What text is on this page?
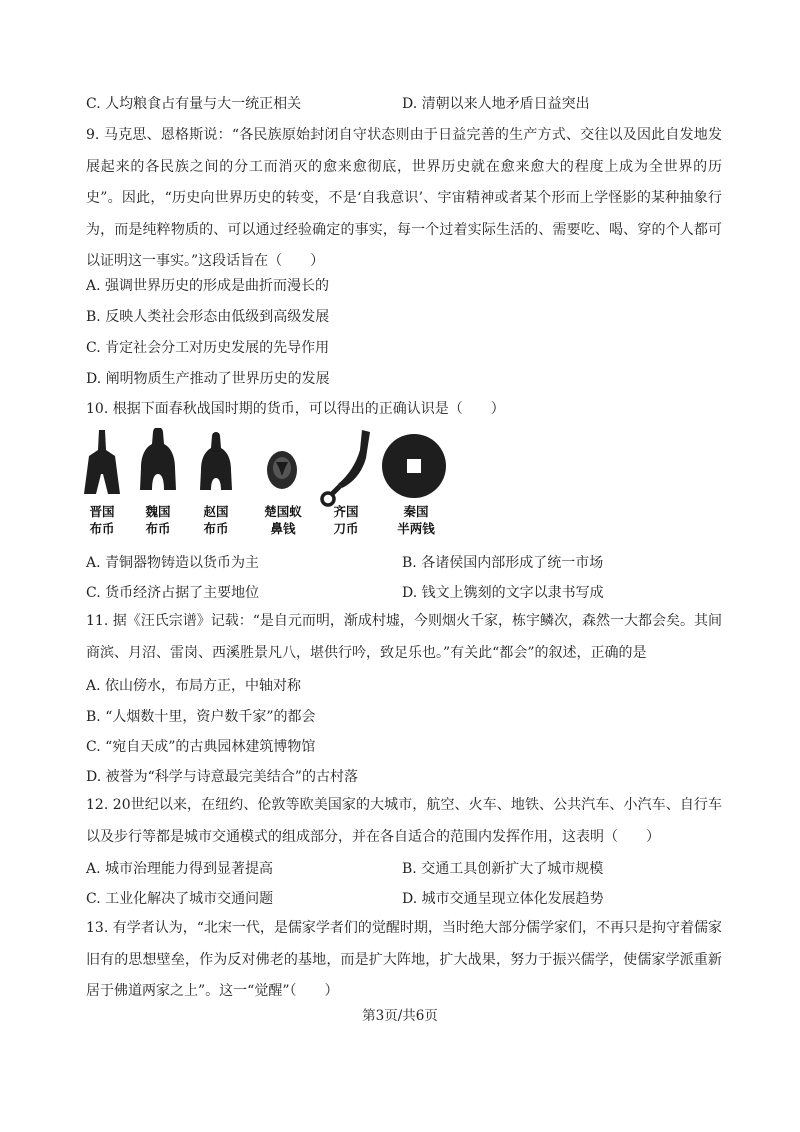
C. 人均粮食占有量与大一统正相关	D. 清朝以来人地矛盾日益突出
9. 马克思、恩格斯说：“各民族原始封闭自守状态则由于日益完善的生产方式、交往以及因此自发地发展起来的各民族之间的分工而消灭的愈来愈彻底，世界历史就在愈来愈大的程度上成为全世界的历史”。因此，“历史向世界历史的转变，不是‘自我意识’、宇宙精神或者某个形而上学怪影的某种抽象行为，而是纯粹物质的、可以通过经验确定的事实，每一个过着实际生活的、需要吃、喝、穿的个人都可以证明这一事实。”这段话旨在（　　）
A. 强调世界历史的形成是曲折而漫长的
B. 反映人类社会形态由低级到高级发展
C. 肯定社会分工对历史发展的先导作用
D. 阐明物质生产推动了世界历史的发展
10. 根据下面春秋战国时期的货币，可以得出的正确认识是（　　）
晋国
布币
魏国
布币
赵国
布币
楚国蚁
鼻钱
齐国
刀币
秦国
半两钱
A. 青铜器物铸造以货币为主	B. 各诸侯国内部形成了统一市场
C. 货币经济占据了主要地位	D. 钱文上镌刻的文字以隶书写成
11. 据《汪氏宗谱》记载：“是自元而明，渐成村墟，今则烟火千家，栋宇鳞次，森然一大都会矣。其间商滨、月沼、雷岗、西溪胜景凡八，堪供行吟，致足乐也。”有关此“都会”的叙述，正确的是
A. 依山傍水，布局方正，中轴对称
B. “人烟数十里，资户数千家”的都会
C. “宛自天成”的古典园林建筑博物馆
D. 被誉为“科学与诗意最完美结合”的古村落
12. 20世纪以来，在纽约、伦敦等欧美国家的大城市，航空、火车、地铁、公共汽车、小汽车、自行车以及步行等都是城市交通模式的组成部分，并在各自适合的范围内发挥作用，这表明（　　）
A. 城市治理能力得到显著提高	B. 交通工具创新扩大了城市规模
C. 工业化解决了城市交通问题	D. 城市交通呈现立体化发展趋势
13. 有学者认为，“北宋一代，是儒家学者们的觉醒时期，当时绝大部分儒学家们，不再只是拘守着儒家旧有的思想壁垒，作为反对佛老的基地，而是扩大阵地，扩大战果，努力于振兴儒学，使儒家学派重新居于佛道两家之上”。这一“觉醒”（　　）
第3页/共6页
